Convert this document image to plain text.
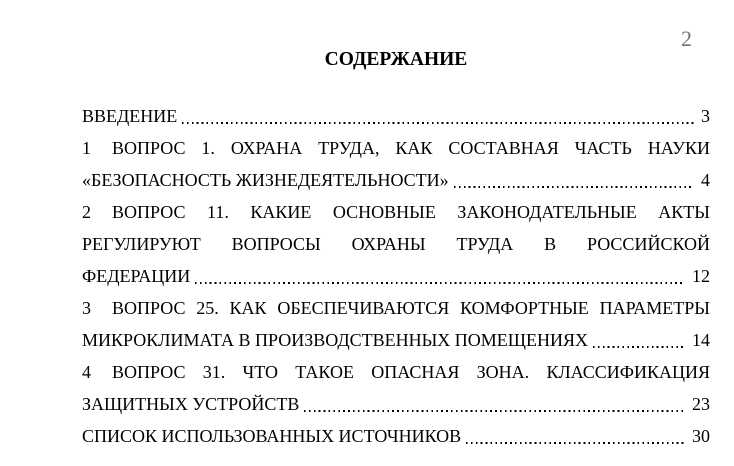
2
СОДЕРЖАНИЕ
ВВЕДЕНИЕ	3
1	ВОПРОС 1. ОХРАНА ТРУДА, КАК СОСТАВНАЯ ЧАСТЬ НАУКИ
«БЕЗОПАСНОСТЬ ЖИЗНЕДЕЯТЕЛЬНОСТИ»	4
2	ВОПРОС 11. КАКИЕ ОСНОВНЫЕ ЗАКОНОДАТЕЛЬНЫЕ АКТЫ
РЕГУЛИРУЮТ ВОПРОСЫ ОХРАНЫ ТРУДА В РОССИЙСКОЙ
ФЕДЕРАЦИИ	12
3	ВОПРОС 25. КАК ОБЕСПЕЧИВАЮТСЯ КОМФОРТНЫЕ ПАРАМЕТРЫ
МИКРОКЛИМАТА В ПРОИЗВОДСТВЕННЫХ ПОМЕЩЕНИЯХ	14
4	ВОПРОС 31. ЧТО ТАКОЕ ОПАСНАЯ ЗОНА. КЛАССИФИКАЦИЯ
ЗАЩИТНЫХ УСТРОЙСТВ	23
СПИСОК ИСПОЛЬЗОВАННЫХ ИСТОЧНИКОВ	30
